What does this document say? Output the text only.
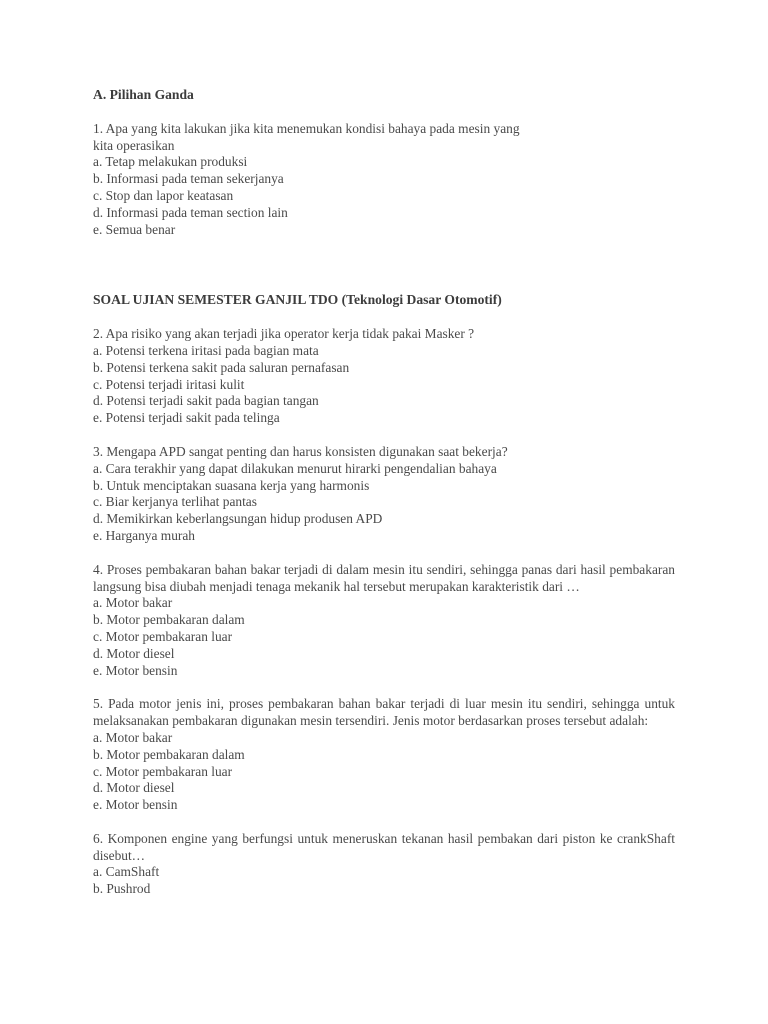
A. Pilihan Ganda

1. Apa yang kita lakukan jika kita menemukan kondisi bahaya pada mesin yang

kita operasikan

a. Tetap melakukan produksi

b. Informasi pada teman sekerjanya

c. Stop dan lapor keatasan

d. Informasi pada teman section lain

e. Semua benar

SOAL UJIAN SEMESTER GANJIL TDO (Teknologi Dasar Otomotif)

2. Apa risiko yang akan terjadi jika operator kerja tidak pakai Masker ?

a. Potensi terkena iritasi pada bagian mata

b. Potensi terkena sakit pada saluran pernafasan

c. Potensi terjadi iritasi kulit

d. Potensi terjadi sakit pada bagian tangan

e. Potensi terjadi sakit pada telinga

3. Mengapa APD sangat penting dan harus konsisten digunakan saat bekerja?

a. Cara terakhir yang dapat dilakukan menurut hirarki pengendalian bahaya

b. Untuk menciptakan suasana kerja yang harmonis

c. Biar kerjanya terlihat pantas

d. Memikirkan keberlangsungan hidup produsen APD

e. Harganya murah

4. Proses pembakaran bahan bakar terjadi di dalam mesin itu sendiri, sehingga panas dari hasil pembakaran langsung bisa diubah menjadi tenaga mekanik hal tersebut merupakan karakteristik dari …

a. Motor bakar

b. Motor pembakaran dalam

c. Motor pembakaran luar

d. Motor diesel

e. Motor bensin

5. Pada motor jenis ini, proses pembakaran bahan bakar terjadi di luar mesin itu sendiri, sehingga untuk melaksanakan pembakaran digunakan mesin tersendiri. Jenis motor berdasarkan proses tersebut adalah:

a. Motor bakar

b. Motor pembakaran dalam

c. Motor pembakaran luar

d. Motor diesel

e. Motor bensin

6. Komponen engine yang berfungsi untuk meneruskan tekanan hasil pembakan dari piston ke crankShaft disebut…

a. CamShaft

b. Pushrod
